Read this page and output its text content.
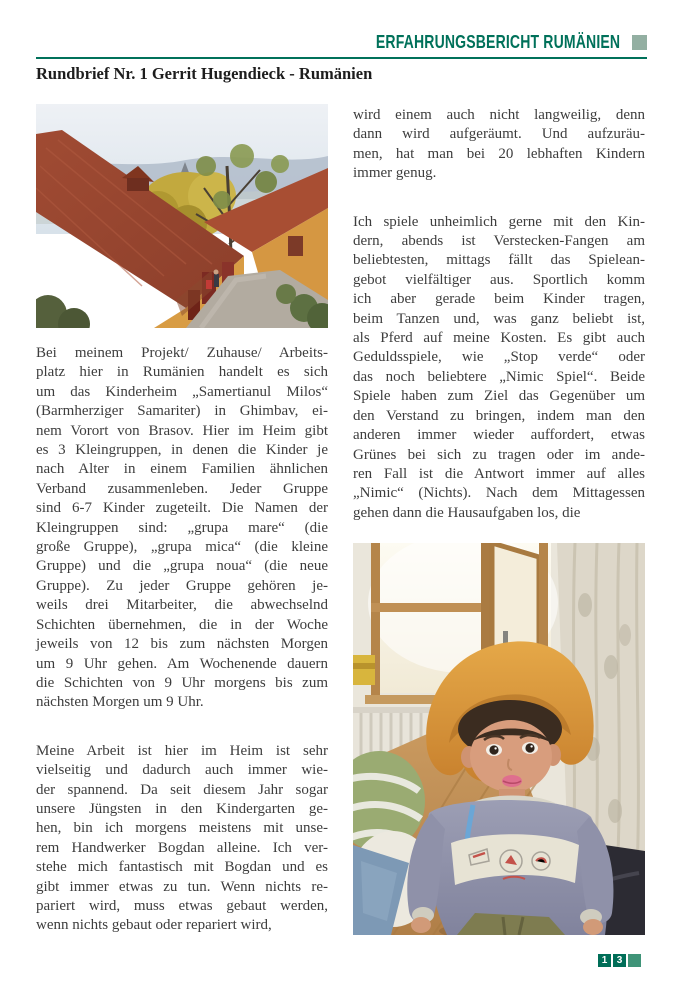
ERFAHRUNGSBERICHT RUMÄNIEN
Rundbrief Nr. 1 Gerrit Hugendieck - Rumänien
Bei meinem Projekt/ Zuhause/ Arbeits-
platz hier in Rumänien handelt es sich
um das Kinderheim „Samertianul Milos“
(Barmherziger Samariter) in Ghimbav, ei-
nem Vorort von Brasov. Hier im Heim gibt
es 3 Kleingruppen, in denen die Kinder je
nach Alter in einem Familien ähnlichen
Verband zusammenleben. Jeder Gruppe
sind 6-7 Kinder zugeteilt. Die Namen der
Kleingruppen sind: „grupa mare“ (die
große Gruppe), „grupa mica“ (die kleine
Gruppe) und die „grupa noua“ (die neue
Gruppe). Zu jeder Gruppe gehören je-
weils drei Mitarbeiter, die abwechselnd
Schichten übernehmen, die in der Woche
jeweils von 12 bis zum nächsten Morgen
um 9 Uhr gehen. Am Wochenende dauern
die Schichten von 9 Uhr morgens bis zum
nächsten Morgen um 9 Uhr.
Meine Arbeit ist hier im Heim ist sehr
vielseitig und dadurch auch immer wie-
der spannend. Da seit diesem Jahr sogar
unsere Jüngsten in den Kindergarten ge-
hen, bin ich morgens meistens mit unse-
rem Handwerker Bogdan alleine. Ich ver-
stehe mich fantastisch mit Bogdan und es
gibt immer etwas zu tun. Wenn nichts re-
pariert wird, muss etwas gebaut werden,
wenn nichts gebaut oder repariert wird,
wird einem auch nicht langweilig, denn
dann wird aufgeräumt. Und aufzuräu-
men, hat man bei 20 lebhaften Kindern
immer genug.
Ich spiele unheimlich gerne mit den Kin-
dern, abends ist Verstecken-Fangen am
beliebtesten, mittags fällt das Spielean-
gebot vielfältiger aus. Sportlich komm
ich aber gerade beim Kinder tragen,
beim Tanzen und, was ganz beliebt ist,
als Pferd auf meine Kosten. Es gibt auch
Geduldsspiele, wie „Stop verde“ oder
das noch beliebtere „Nimic Spiel“. Beide
Spiele haben zum Ziel das Gegenüber um
den Verstand zu bringen, indem man den
anderen immer wieder auffordert, etwas
Grünes bei sich zu tragen oder im ande-
ren Fall ist die Antwort immer auf alles
„Nimic“ (Nichts). Nach dem Mittagessen
gehen dann die Hausaufgaben los, die
1 3
